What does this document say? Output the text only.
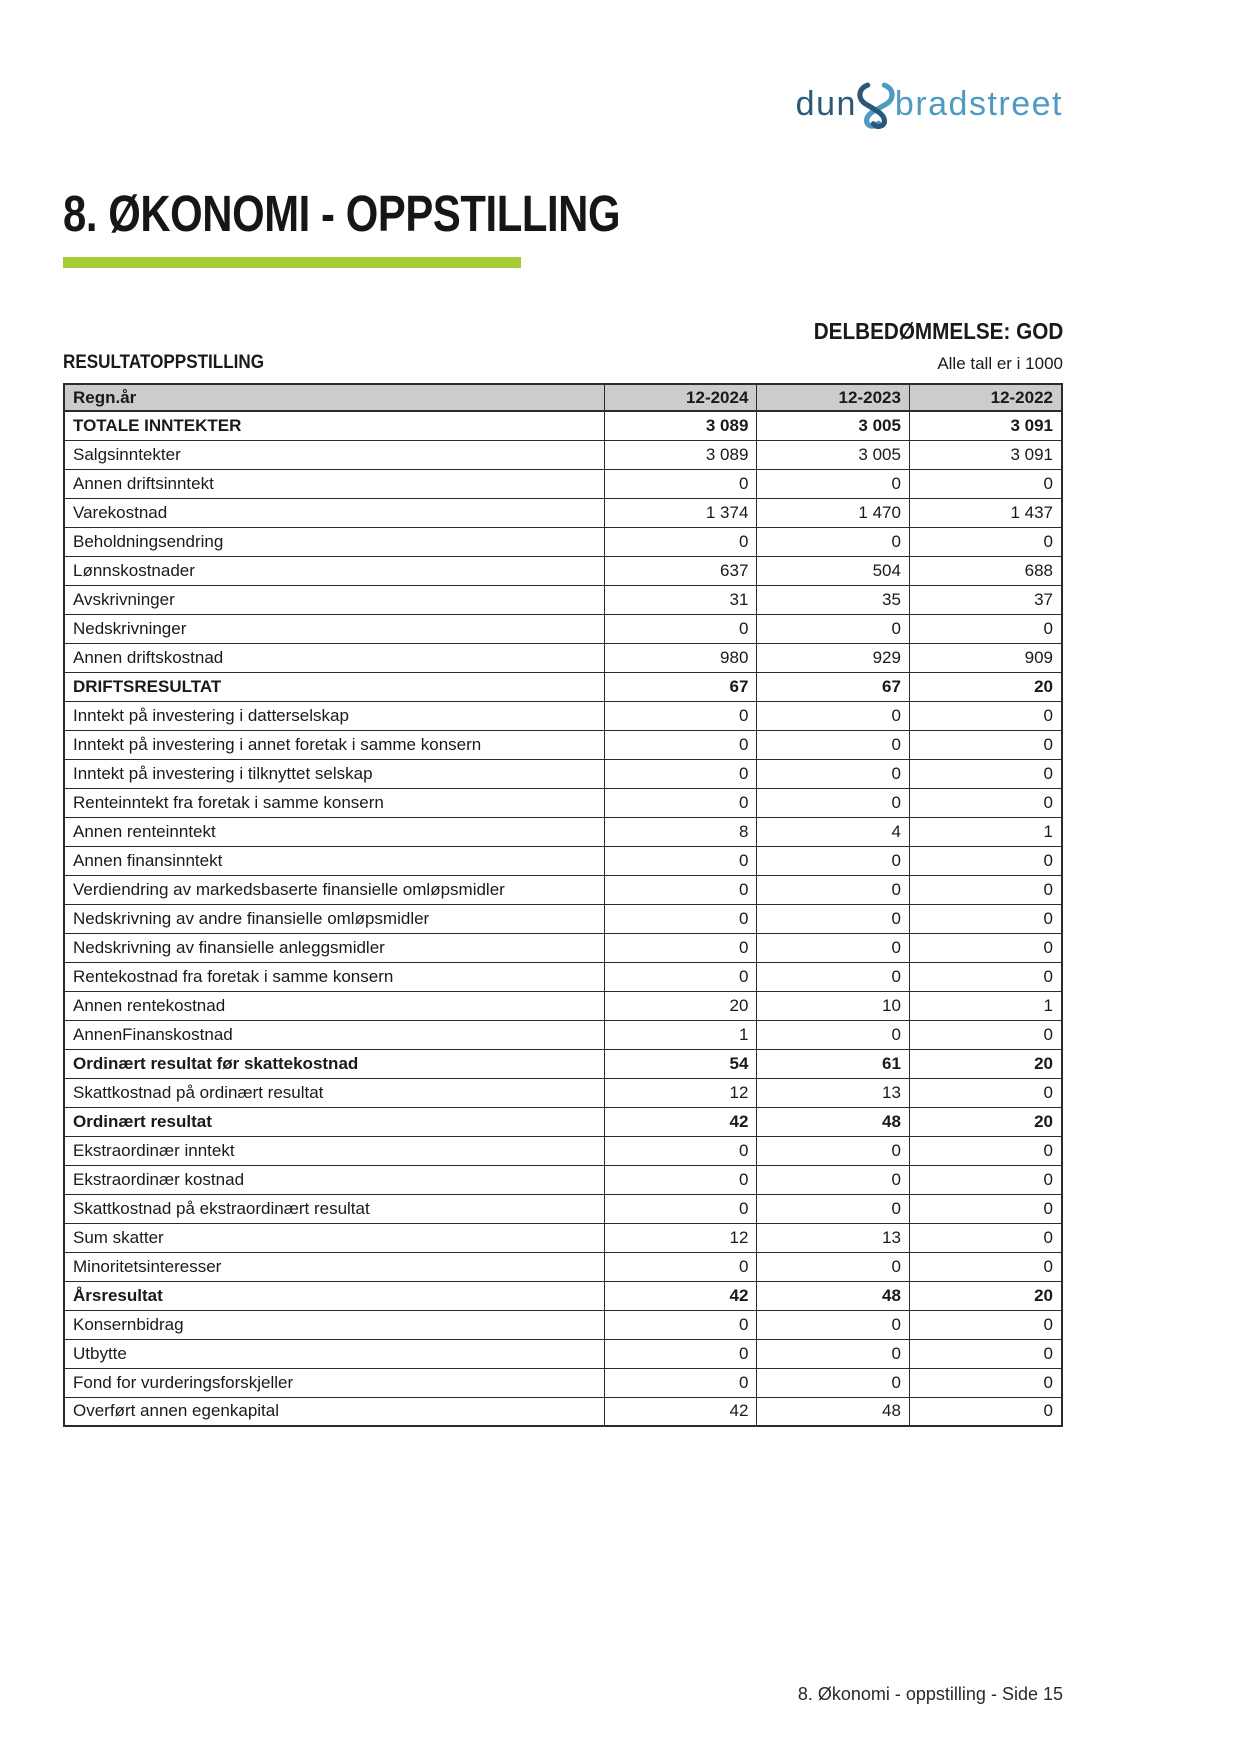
dun bradstreet
8. ØKONOMI - OPPSTILLING
DELBEDØMMELSE: GOD
RESULTATOPPSTILLING	Alle tall er i 1000
Regn.år	12-2024	12-2023	12-2022
TOTALE INNTEKTER	3 089	3 005	3 091
Salgsinntekter	3 089	3 005	3 091
Annen driftsinntekt	0	0	0
Varekostnad	1 374	1 470	1 437
Beholdningsendring	0	0	0
Lønnskostnader	637	504	688
Avskrivninger	31	35	37
Nedskrivninger	0	0	0
Annen driftskostnad	980	929	909
DRIFTSRESULTAT	67	67	20
Inntekt på investering i datterselskap	0	0	0
Inntekt på investering i annet foretak i samme konsern	0	0	0
Inntekt på investering i tilknyttet selskap	0	0	0
Renteinntekt fra foretak i samme konsern	0	0	0
Annen renteinntekt	8	4	1
Annen finansinntekt	0	0	0
Verdiendring av markedsbaserte finansielle omløpsmidler	0	0	0
Nedskrivning av andre finansielle omløpsmidler	0	0	0
Nedskrivning av finansielle anleggsmidler	0	0	0
Rentekostnad fra foretak i samme konsern	0	0	0
Annen rentekostnad	20	10	1
AnnenFinanskostnad	1	0	0
Ordinært resultat før skattekostnad	54	61	20
Skattkostnad på ordinært resultat	12	13	0
Ordinært resultat	42	48	20
Ekstraordinær inntekt	0	0	0
Ekstraordinær kostnad	0	0	0
Skattkostnad på ekstraordinært resultat	0	0	0
Sum skatter	12	13	0
Minoritetsinteresser	0	0	0
Årsresultat	42	48	20
Konsernbidrag	0	0	0
Utbytte	0	0	0
Fond for vurderingsforskjeller	0	0	0
Overført annen egenkapital	42	48	0
8. Økonomi - oppstilling - Side 15
